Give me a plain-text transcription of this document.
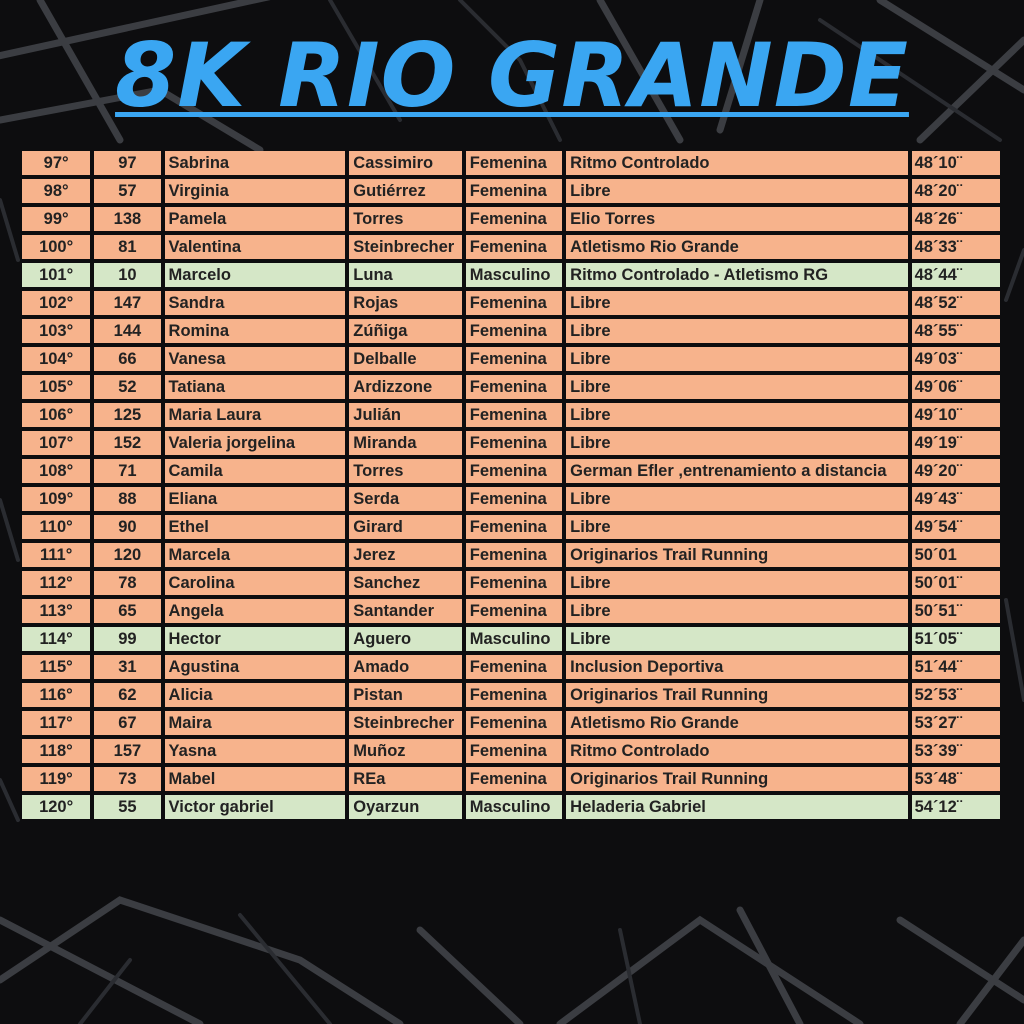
8K RIO GRANDE
97°	97	Sabrina	Cassimiro	Femenina	Ritmo Controlado	48´10¨
98°	57	Virginia	Gutiérrez	Femenina	Libre	48´20¨
99°	138	Pamela	Torres	Femenina	Elio Torres	48´26¨
100°	81	Valentina	Steinbrecher	Femenina	Atletismo Rio Grande	48´33¨
101°	10	Marcelo	Luna	Masculino	Ritmo Controlado - Atletismo RG	48´44¨
102°	147	Sandra	Rojas	Femenina	Libre	48´52¨
103°	144	Romina	Zúñiga	Femenina	Libre	48´55¨
104°	66	Vanesa	Delballe	Femenina	Libre	49´03¨
105°	52	Tatiana	Ardizzone	Femenina	Libre	49´06¨
106°	125	Maria Laura	Julián	Femenina	Libre	49´10¨
107°	152	Valeria jorgelina	Miranda	Femenina	Libre	49´19¨
108°	71	Camila	Torres	Femenina	German Efler ,entrenamiento a distancia	49´20¨
109°	88	Eliana	Serda	Femenina	Libre	49´43¨
110°	90	Ethel	Girard	Femenina	Libre	49´54¨
111°	120	Marcela	Jerez	Femenina	Originarios Trail Running	50´01
112°	78	Carolina	Sanchez	Femenina	Libre	50´01¨
113°	65	Angela	Santander	Femenina	Libre	50´51¨
114°	99	Hector	Aguero	Masculino	Libre	51´05¨
115°	31	Agustina	Amado	Femenina	Inclusion Deportiva	51´44¨
116°	62	Alicia	Pistan	Femenina	Originarios Trail Running	52´53¨
117°	67	Maira	Steinbrecher	Femenina	Atletismo Rio Grande	53´27¨
118°	157	Yasna	Muñoz	Femenina	Ritmo Controlado	53´39¨
119°	73	Mabel	REa	Femenina	Originarios Trail Running	53´48¨
120°	55	Victor gabriel	Oyarzun	Masculino	Heladeria Gabriel	54´12¨
